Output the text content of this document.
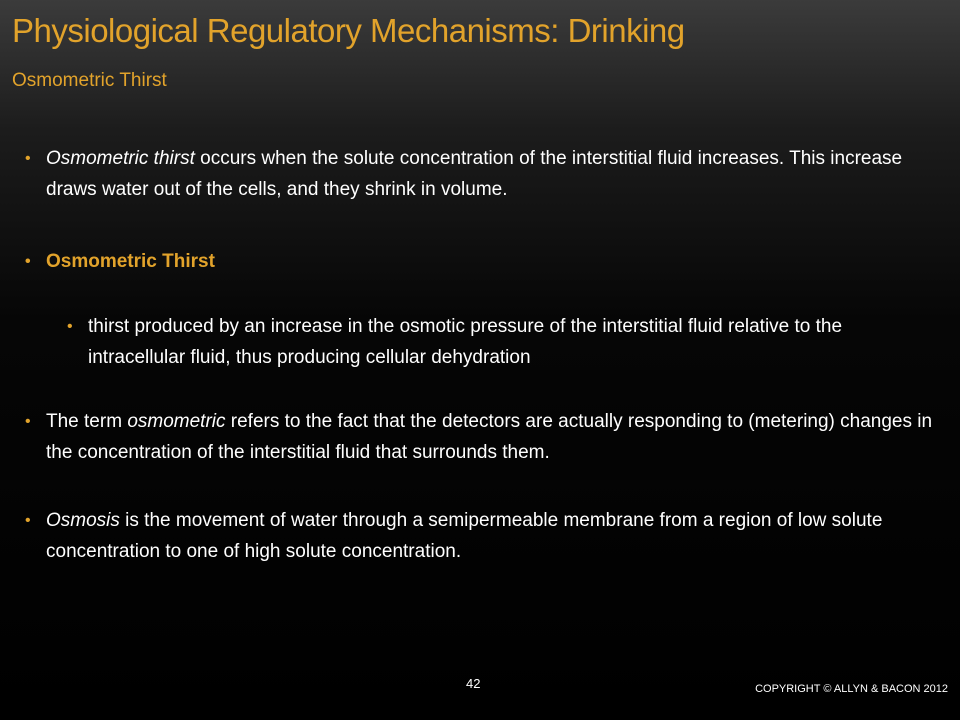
Physiological Regulatory Mechanisms: Drinking
Osmometric Thirst
• Osmometric thirst occurs when the solute concentration of the interstitial fluid increases. This increase draws water out of the cells, and they shrink in volume.
• Osmometric Thirst
• thirst produced by an increase in the osmotic pressure of the interstitial fluid relative to the intracellular fluid, thus producing cellular dehydration
• The term osmometric refers to the fact that the detectors are actually responding to (metering) changes in the concentration of the interstitial fluid that surrounds them.
• Osmosis is the movement of water through a semipermeable membrane from a region of low solute concentration to one of high solute concentration.
42	COPYRIGHT © ALLYN & BACON 2012
